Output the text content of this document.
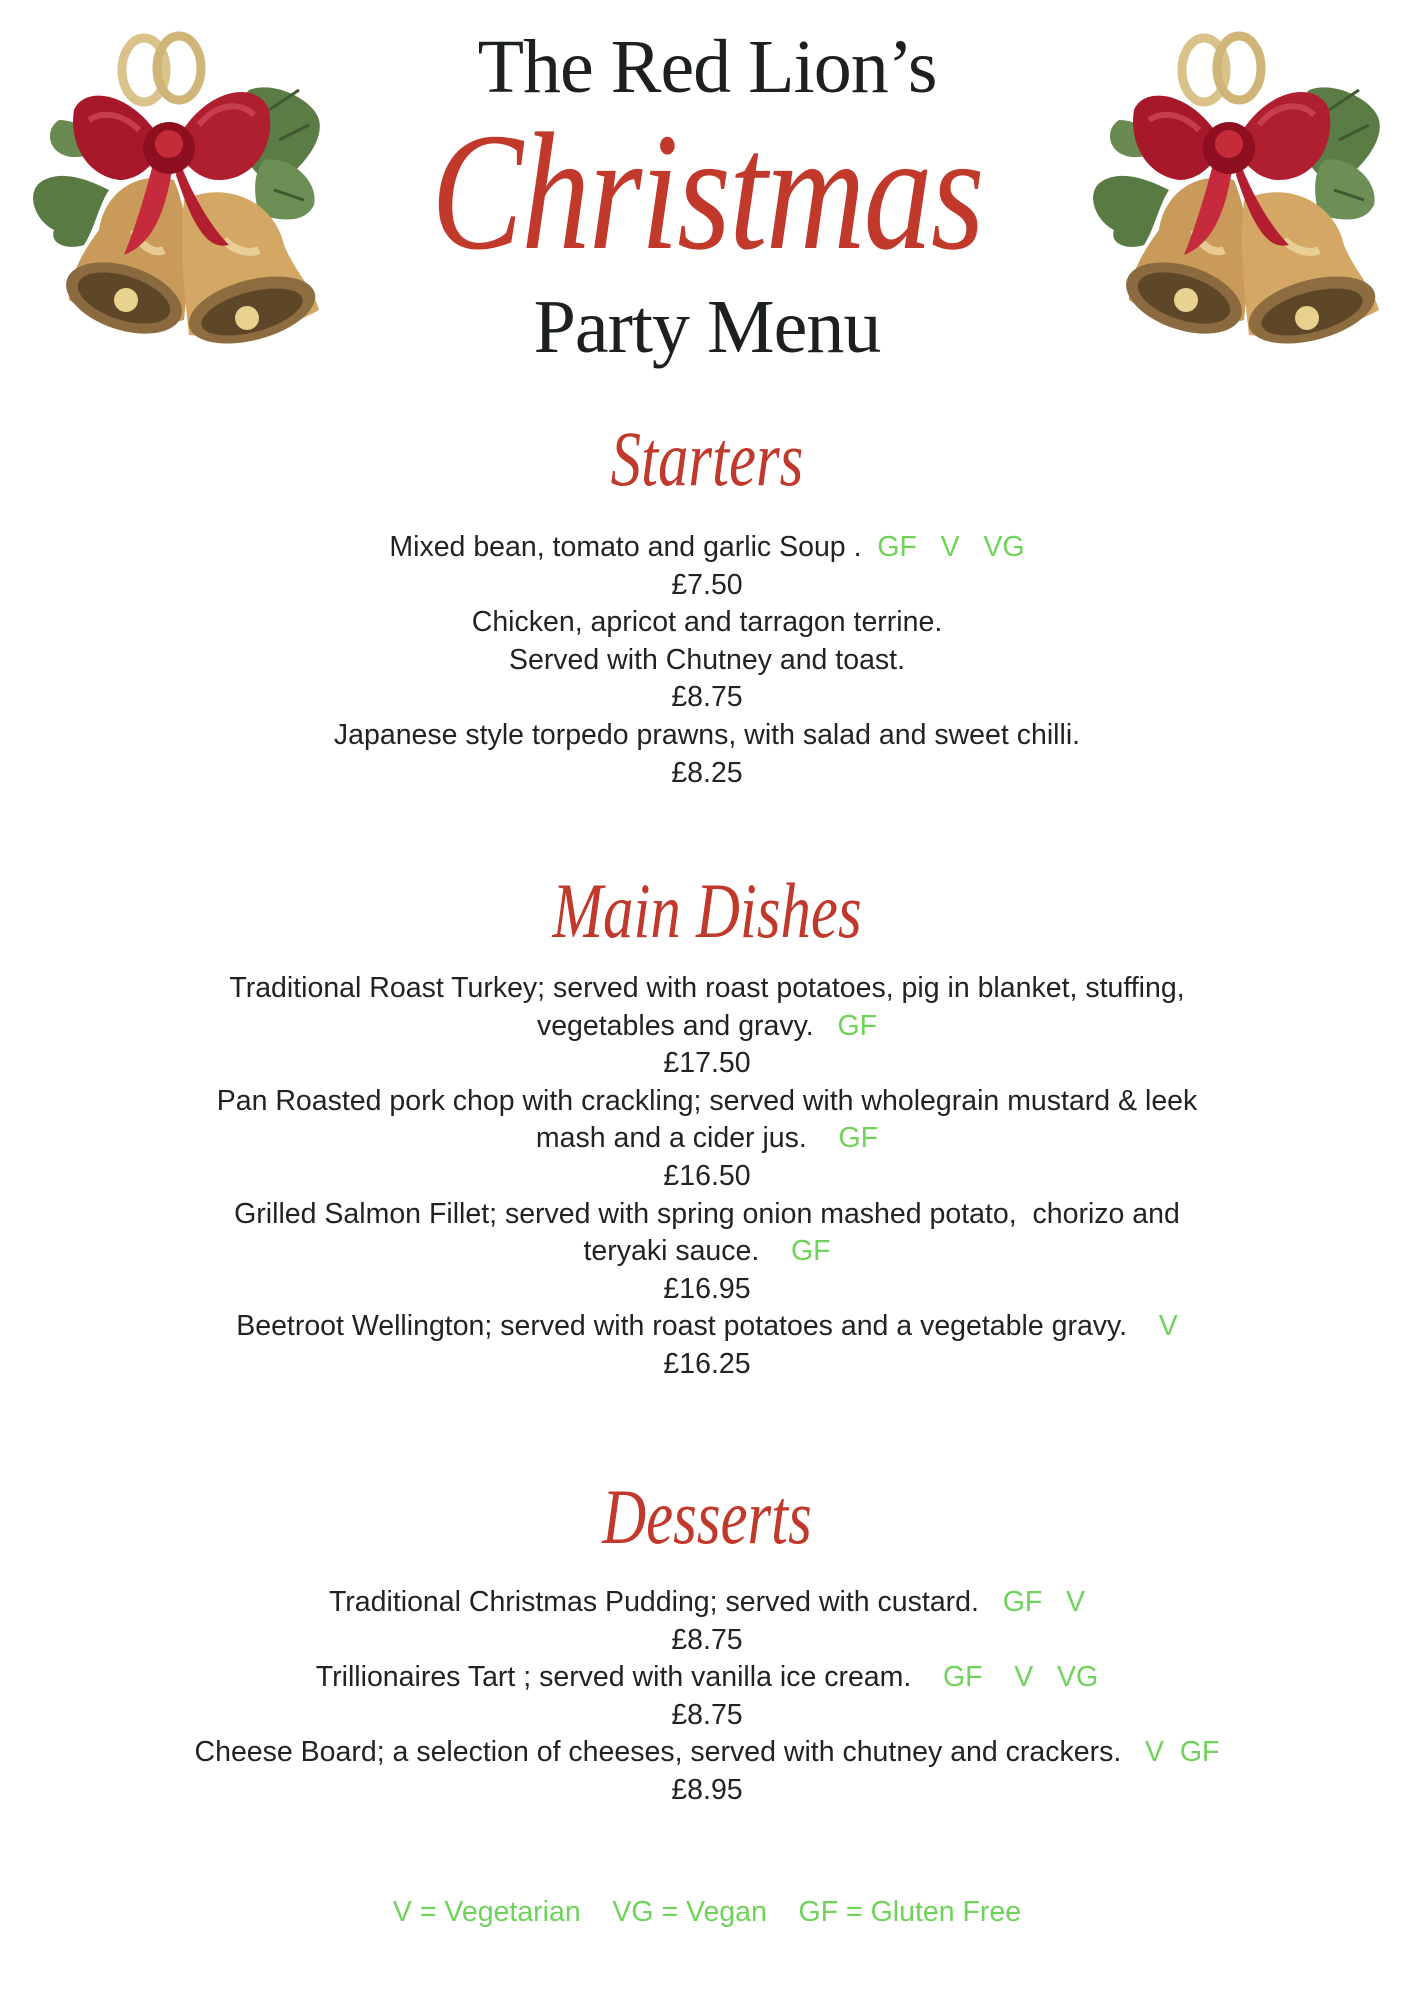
The Red Lion’s
Christmas
Party Menu
Starters
Mixed bean, tomato and garlic Soup .  GF   V   VG
£7.50
Chicken, apricot and tarragon terrine.
Served with Chutney and toast.
£8.75
Japanese style torpedo prawns, with salad and sweet chilli.
£8.25
Main Dishes
Traditional Roast Turkey; served with roast potatoes, pig in blanket, stuffing,
vegetables and gravy.   GF
£17.50
Pan Roasted pork chop with crackling; served with wholegrain mustard & leek
mash and a cider jus.    GF
£16.50
Grilled Salmon Fillet; served with spring onion mashed potato,  chorizo and
teryaki sauce.    GF
£16.95
Beetroot Wellington; served with roast potatoes and a vegetable gravy.    V
£16.25
Desserts
Traditional Christmas Pudding; served with custard.   GF   V
£8.75
Trillionaires Tart ; served with vanilla ice cream.    GF    V   VG
£8.75
Cheese Board; a selection of cheeses, served with chutney and crackers.   V  GF
£8.95
V = Vegetarian    VG = Vegan    GF = Gluten Free
